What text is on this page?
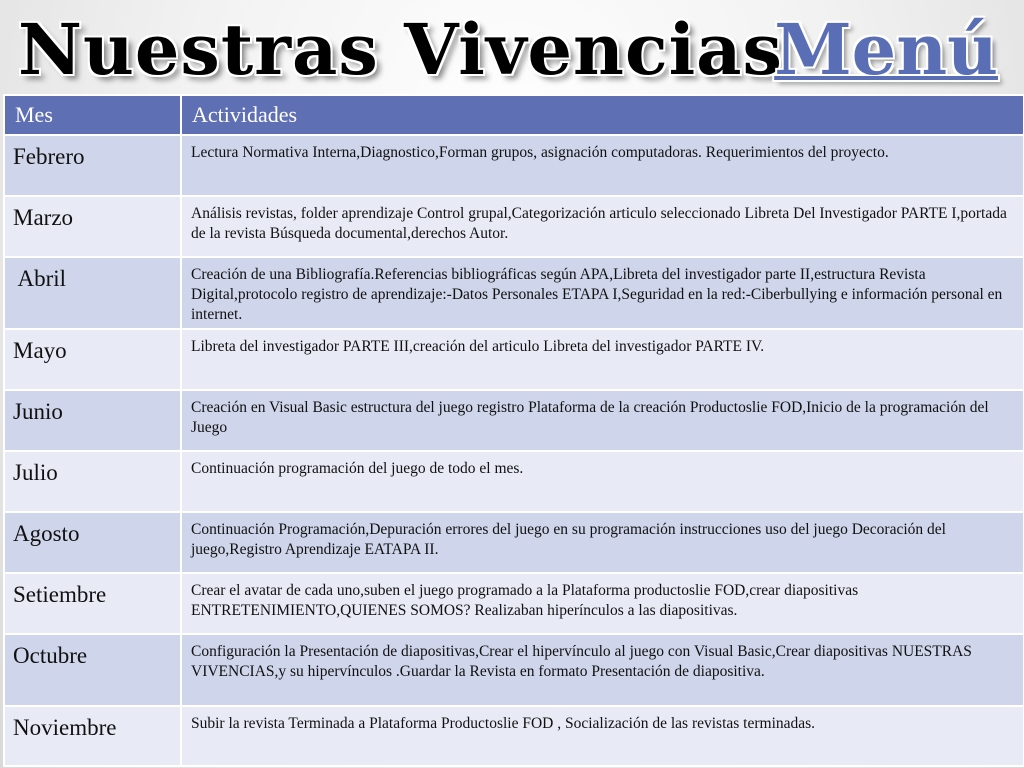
Nuestras Vivencias
Menú
Mes	Actividades
Febrero	Lectura Normativa Interna,Diagnostico,Forman grupos, asignación computadoras. Requerimientos del proyecto.
Marzo	Análisis revistas, folder aprendizaje Control grupal,Categorización articulo seleccionado Libreta Del Investigador PARTE I,portada de la revista Búsqueda documental,derechos Autor.
Abril	Creación de una Bibliografía.Referencias bibliográficas según APA,Libreta del investigador parte II,estructura Revista Digital,protocolo registro de aprendizaje:-Datos Personales ETAPA I,Seguridad en la red:-Ciberbullying e información personal en internet.
Mayo	Libreta del investigador PARTE III,creación del articulo Libreta del investigador PARTE IV.
Junio	Creación en Visual Basic estructura del juego registro Plataforma de la creación Productoslie FOD,Inicio de la programación del Juego
Julio	Continuación programación del juego de todo el mes.
Agosto	Continuación Programación,Depuración errores del juego en su programación instrucciones uso del juego Decoración del juego,Registro Aprendizaje EATAPA II.
Setiembre	Crear el avatar de cada uno,suben el juego programado a la Plataforma productoslie FOD,crear diapositivas ENTRETENIMIENTO,QUIENES SOMOS? Realizaban hiperínculos a las diapositivas.
Octubre	Configuración la Presentación de diapositivas,Crear el hipervínculo al juego con Visual Basic,Crear diapositivas NUESTRAS VIVENCIAS,y su hipervínculos .Guardar la Revista en formato Presentación de diapositiva.
Noviembre	Subir la revista Terminada a Plataforma Productoslie FOD , Socialización de las revistas terminadas.
